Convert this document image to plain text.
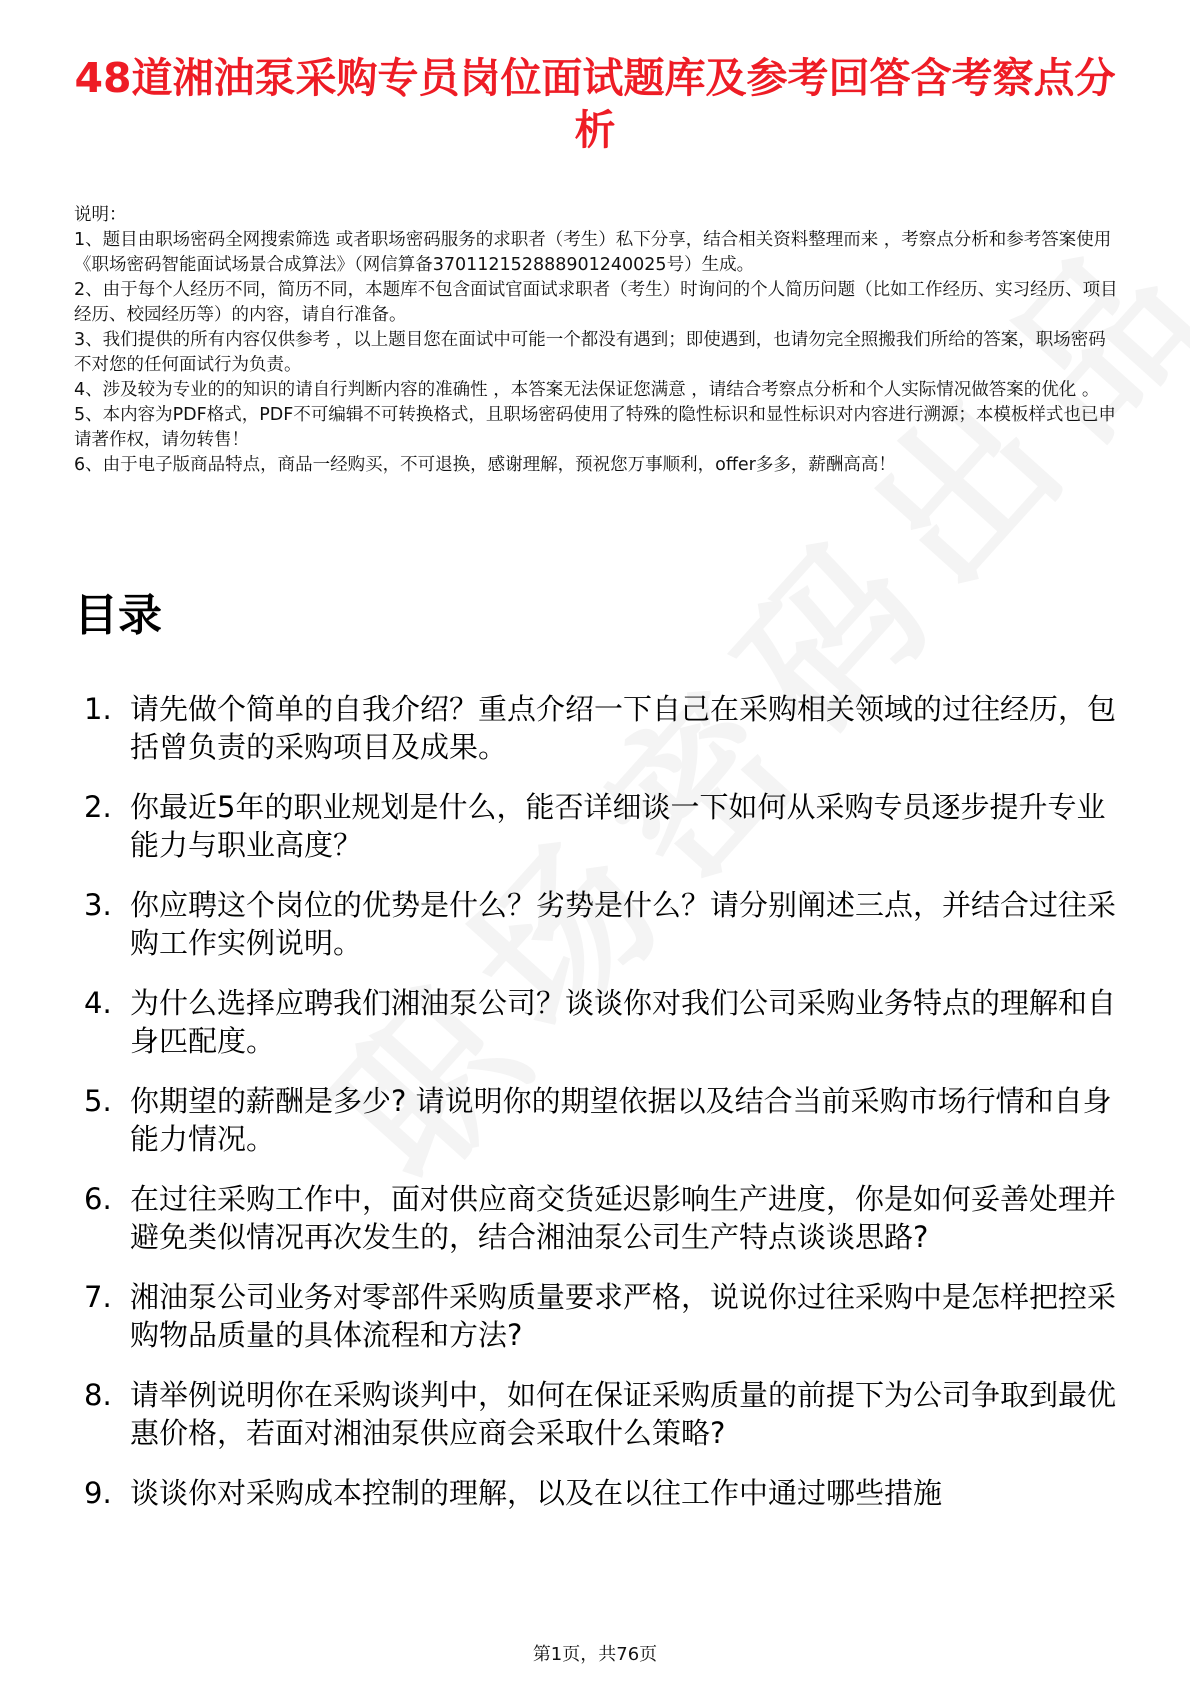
48道湘油泵采购专员岗位面试题库及参考回答含考察点分析

说明：

1、题目由职场密码全网搜索筛选 或者职场密码服务的求职者（考生）私下分享，结合相关资料整理而来 ，考察点分析和参考答案使用《职场密码智能面试场景合成算法》（网信算备370112152888901240025号）生成。

2、由于每个人经历不同，简历不同，本题库不包含面试官面试求职者（考生）时询问的个人简历问题（比如工作经历、实习经历、项目经历、校园经历等）的内容，请自行准备。

3、我们提供的所有内容仅供参考 ，以上题目您在面试中可能一个都没有遇到；即使遇到，也请勿完全照搬我们所给的答案，职场密码不对您的任何面试行为负责。

4、涉及较为专业的的知识的请自行判断内容的准确性 ，本答案无法保证您满意 ，请结合考察点分析和个人实际情况做答案的优化 。

5、本内容为PDF格式，PDF不可编辑不可转换格式，且职场密码使用了特殊的隐性标识和显性标识对内容进行溯源；本模板样式也已申请著作权，请勿转售！

6、由于电子版商品特点，商品一经购买，不可退换，感谢理解，预祝您万事顺利，offer多多，薪酬高高！

目录
1. 请先做个简单的自我介绍？重点介绍一下自己在采购相关领域的过往经历，包括曾负责的采购项目及成果。
2. 你最近5年的职业规划是什么，能否详细谈一下如何从采购专员逐步提升专业能力与职业高度？
3. 你应聘这个岗位的优势是什么？劣势是什么？请分别阐述三点，并结合过往采购工作实例说明。
4. 为什么选择应聘我们湘油泵公司？谈谈你对我们公司采购业务特点的理解和自身匹配度。
5. 你期望的薪酬是多少? 请说明你的期望依据以及结合当前采购市场行情和自身能力情况。
6. 在过往采购工作中，面对供应商交货延迟影响生产进度，你是如何妥善处理并避免类似情况再次发生的，结合湘油泵公司生产特点谈谈思路?
7. 湘油泵公司业务对零部件采购质量要求严格，说说你过往采购中是怎样把控采购物品质量的具体流程和方法?
8. 请举例说明你在采购谈判中，如何在保证采购质量的前提下为公司争取到最优惠价格，若面对湘油泵供应商会采取什么策略?
9. 谈谈你对采购成本控制的理解，以及在以往工作中通过哪些措施
第1页，共76页
